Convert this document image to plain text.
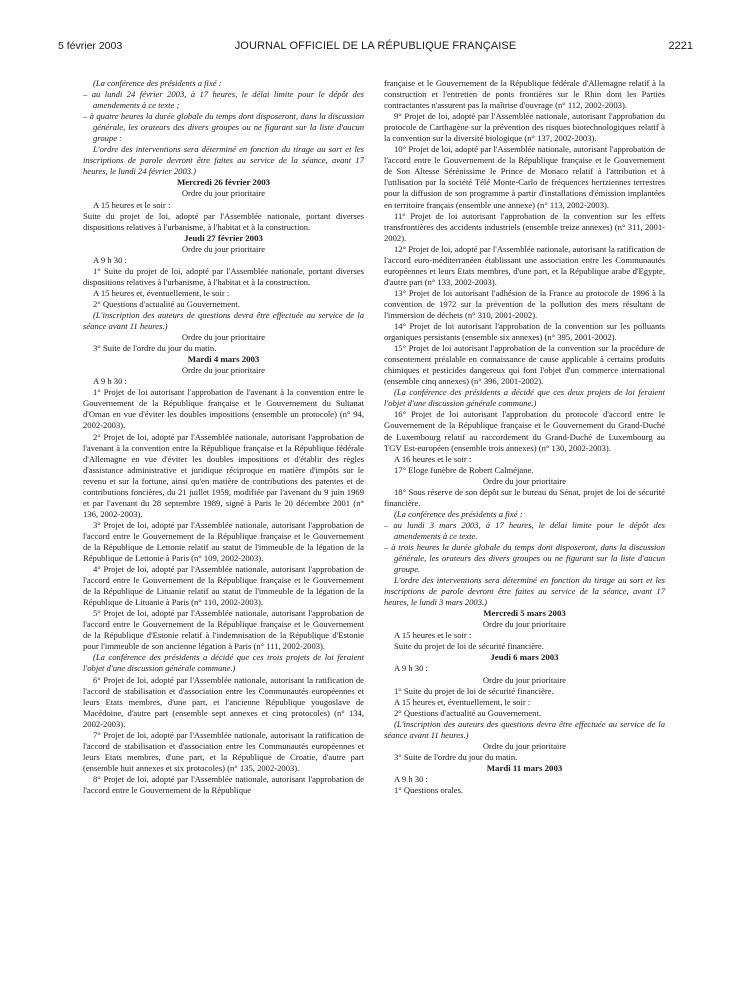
5 février 2003	JOURNAL OFFICIEL DE LA RÉPUBLIQUE FRANÇAISE	2221

(La conférence des présidents a fixé :

– au lundi 24 février 2003, à 17 heures, le délai limite pour le dépôt des amendements à ce texte ;

– à quatre heures la durée globale du temps dont disposeront, dans la discussion générale, les orateurs des divers groupes ou ne figurant sur la liste d'aucun groupe :

L'ordre des interventions sera déterminé en fonction du tirage au sort et les inscriptions de parole devront être faites au service de la séance, avant 17 heures, le lundi 24 février 2003.)

Mercredi 26 février 2003

Ordre du jour prioritaire

A 15 heures et le soir :

Suite du projet de loi, adopté par l'Assemblée nationale, portant diverses dispositions relatives à l'urbanisme, à l'habitat et à la construction.

Jeudi 27 février 2003

Ordre du jour prioritaire

A 9 h 30 :

1° Suite du projet de loi, adopté par l'Assemblée nationale, portant diverses dispositions relatives à l'urbanisme, à l'habitat et à la construction.

A 15 heures et, éventuellement, le soir :

2° Questions d'actualité au Gouvernement.

(L'inscription des auteurs de questions devra être effectuée au service de la séance avant 11 heures.)

Ordre du jour prioritaire

3° Suite de l'ordre du jour du matin.

Mardi 4 mars 2003

Ordre du jour prioritaire

A 9 h 30 :

1° Projet de loi autorisant l'approbation de l'avenant à la convention entre le Gouvernement de la République française et le Gouvernement du Sultanat d'Oman en vue d'éviter les doubles impositions (ensemble un protocole) (n° 94, 2002-2003).

2° Projet de loi, adopté par l'Assemblée nationale, autorisant l'approbation de l'avenant à la convention entre la République française et la République fédérale d'Allemagne en vue d'éviter les doubles impositions et d'établir des règles d'assistance administrative et juridique réciproque en matière d'impôts sur le revenu et sur la fortune, ainsi qu'en matière de contributions des patentes et de contributions foncières, du 21 juillet 1959, modifiée par l'avenant du 9 juin 1969 et par l'avenant du 28 septembre 1989, signé à Paris le 20 décembre 2001 (n° 136, 2002-2003).

3° Projet de loi, adopté par l'Assemblée nationale, autorisant l'approbation de l'accord entre le Gouvernement de la République française et le Gouvernement de la République de Lettonie relatif au statut de l'immeuble de la légation de la République de Lettonie à Paris (n° 109, 2002-2003).

4° Projet de loi, adopté par l'Assemblée nationale, autorisant l'approbation de l'accord entre le Gouvernement de la République française et le Gouvernement de la République de Lituanie relatif au statut de l'immeuble de la légation de la République de Lituanie à Paris (n° 110, 2002-2003).

5° Projet de loi, adopté par l'Assemblée nationale, autorisant l'approbation de l'accord entre le Gouvernement de la République française et le Gouvernement de la République d'Estonie relatif à l'indemnisation de la République d'Estonie pour l'immeuble de son ancienne légation à Paris (n° 111, 2002-2003).

(La conférence des présidents a décidé que ces trois projets de loi feraient l'objet d'une discussion générale commune.)

6° Projet de loi, adopté par l'Assemblée nationale, autorisant la ratification de l'accord de stabilisation et d'association entre les Communautés européennes et leurs Etats membres, d'une part, et l'ancienne République yougoslave de Macédoine, d'autre part (ensemble sept annexes et cinq protocoles) (n° 134, 2002-2003).

7° Projet de loi, adopté par l'Assemblée nationale, autorisant la ratification de l'accord de stabilisation et d'association entre les Communautés européennes et leurs Etats membres, d'une part, et la République de Croatie, d'autre part (ensemble huit annexes et six protocoles) (n° 135, 2002-2003).

8° Projet de loi, adopté par l'Assemblée nationale, autorisant l'approbation de l'accord entre le Gouvernement de la République

française et le Gouvernement de la République fédérale d'Allemagne relatif à la construction et l'entretien de ponts frontières sur le Rhin dont les Parties contractantes n'assurent pas la maîtrise d'ouvrage (n° 112, 2002-2003).

9° Projet de loi, adopté par l'Assemblée nationale, autorisant l'approbation du protocole de Carthagène sur la prévention des risques biotechnologiques relatif à la convention sur la diversité biologique (n° 137, 2002-2003).

10° Projet de loi, adopté par l'Assemblée nationale, autorisant l'approbation de l'accord entre le Gouvernement de la République française et le Gouvernement de Son Altesse Sérénissime le Prince de Monaco relatif à l'attribution et à l'utilisation par la société Télé Monte-Carlo de fréquences hertziennes terrestres pour la diffusion de son programme à partir d'installations d'émission implantées en territoire français (ensemble une annexe) (n° 113, 2002-2003).

11° Projet de loi autorisant l'approbation de la convention sur les effets transfrontières des accidents industriels (ensemble treize annexes) (n° 311, 2001-2002).

12° Projet de loi, adopté par l'Assemblée nationale, autorisant la ratification de l'accord euro-méditerranéen établissant une association entre les Communautés européennes et leurs Etats membres, d'une part, et la République arabe d'Egypte, d'autre part (n° 133, 2002-2003).

13° Projet de loi autorisant l'adhésion de la France au protocole de 1996 à la convention de 1972 sur la prévention de la pollution des mers résultant de l'immersion de déchets (n° 310, 2001-2002).

14° Projet de loi autorisant l'approbation de la convention sur les polluants organiques persistants (ensemble six annexes) (n° 395, 2001-2002).

15° Projet de loi autorisant l'approbation de la convention sur la procédure de consentement préalable en connaissance de cause applicable à certains produits chimiques et pesticides dangereux qui font l'objet d'un commerce international (ensemble cinq annexes) (n° 396, 2001-2002).

(La conférence des présidents a décidé que ces deux projets de loi feraient l'objet d'une discussion générale commune.)

16° Projet de loi autorisant l'approbation du protocole d'accord entre le Gouvernement de la République française et le Gouvernement du Grand-Duché de Luxembourg relatif au raccordement du Grand-Duché de Luxembourg au TGV Est-européen (ensemble trois annexes) (n° 130, 2002-2003).

A 16 heures et le soir :

17° Eloge funèbre de Robert Calméjane.

Ordre du jour prioritaire

18° Sous réserve de son dépôt sur le bureau du Sénat, projet de loi de sécurité financière.

(La conférence des présidents a fixé :

– au lundi 3 mars 2003, à 17 heures, le délai limite pour le dépôt des amendements à ce texte.

– à trois heures la durée globale du temps dont disposeront, dans la discussion générale, les orateurs des divers groupes ou ne figurant sur la liste d'aucun groupe.

L'ordre des interventions sera déterminé en fonction du tirage au sort et les inscriptions de parole devront être faites au service de la séance, avant 17 heures, le lundi 3 mars 2003.)

Mercredi 5 mars 2003

Ordre du jour prioritaire

A 15 heures et le soir :

Suite du projet de loi de sécurité financière.

Jeudi 6 mars 2003

A 9 h 30 :

Ordre du jour prioritaire

1° Suite du projet de loi de sécurité financière.

A 15 heures et, éventuellement, le soir :

2° Questions d'actualité au Gouvernement.

(L'inscription des auteurs des questions devra être effectuée au service de la séance avant 11 heures.)

Ordre du jour prioritaire

3° Suite de l'ordre du jour du matin.

Mardi 11 mars 2003

A 9 h 30 :

1° Questions orales.
